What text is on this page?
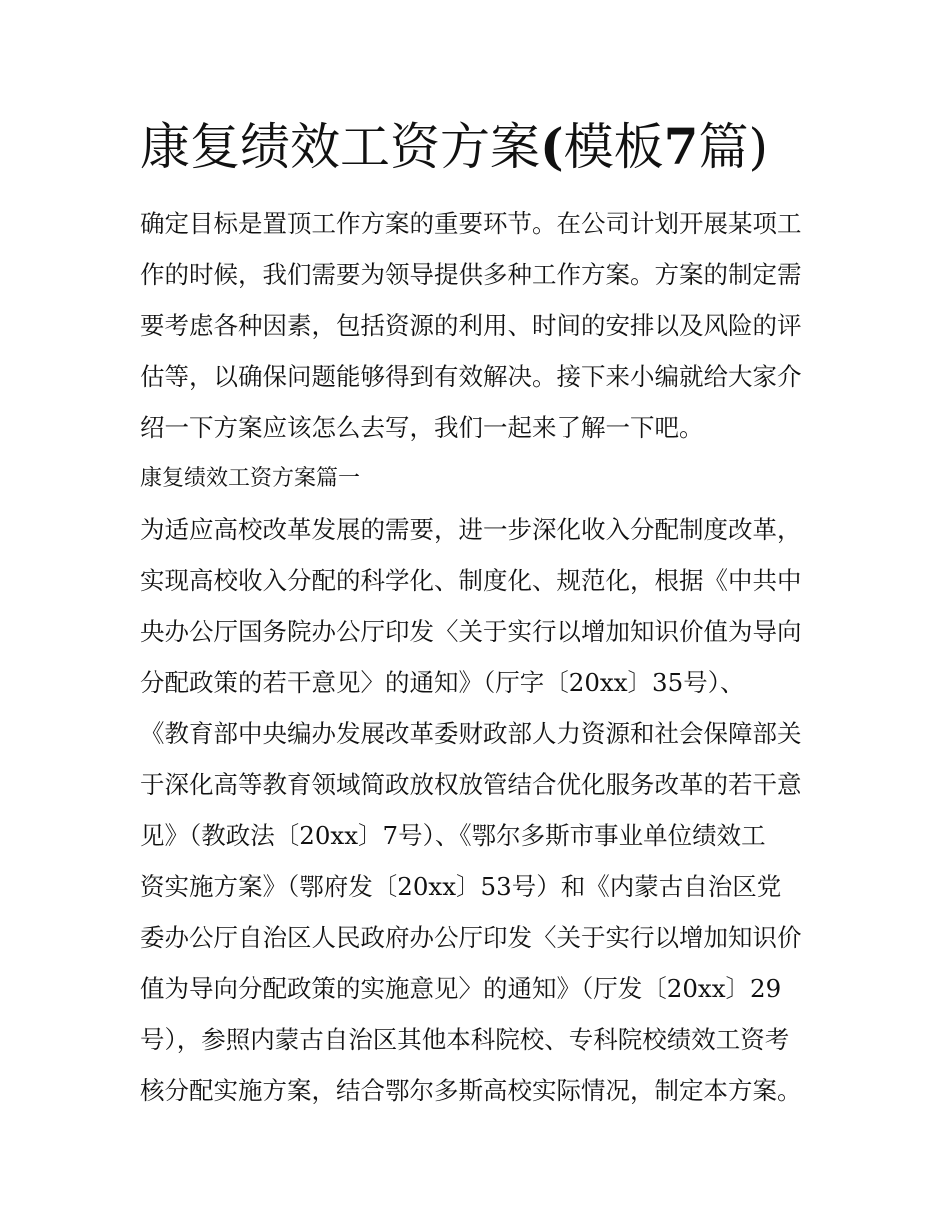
康复绩效工资方案(模板7篇)
确定目标是置顶工作方案的重要环节。在公司计划开展某项工
作的时候，我们需要为领导提供多种工作方案。方案的制定需
要考虑各种因素，包括资源的利用、时间的安排以及风险的评
估等，以确保问题能够得到有效解决。接下来小编就给大家介
绍一下方案应该怎么去写，我们一起来了解一下吧。
康复绩效工资方案篇一
为适应高校改革发展的需要，进一步深化收入分配制度改革，
实现高校收入分配的科学化、制度化、规范化，根据《中共中
央办公厅国务院办公厅印发〈关于实行以增加知识价值为导向
分配政策的若干意见〉的通知》（厅字〔20xx〕35号）、
《教育部中央编办发展改革委财政部人力资源和社会保障部关
于深化高等教育领域简政放权放管结合优化服务改革的若干意
见》（教政法〔20xx〕7号）、《鄂尔多斯市事业单位绩效工
资实施方案》（鄂府发〔20xx〕53号）和《内蒙古自治区党
委办公厅自治区人民政府办公厅印发〈关于实行以增加知识价
值为导向分配政策的实施意见〉的通知》（厅发〔20xx〕29
号），参照内蒙古自治区其他本科院校、专科院校绩效工资考
核分配实施方案，结合鄂尔多斯高校实际情况，制定本方案。
